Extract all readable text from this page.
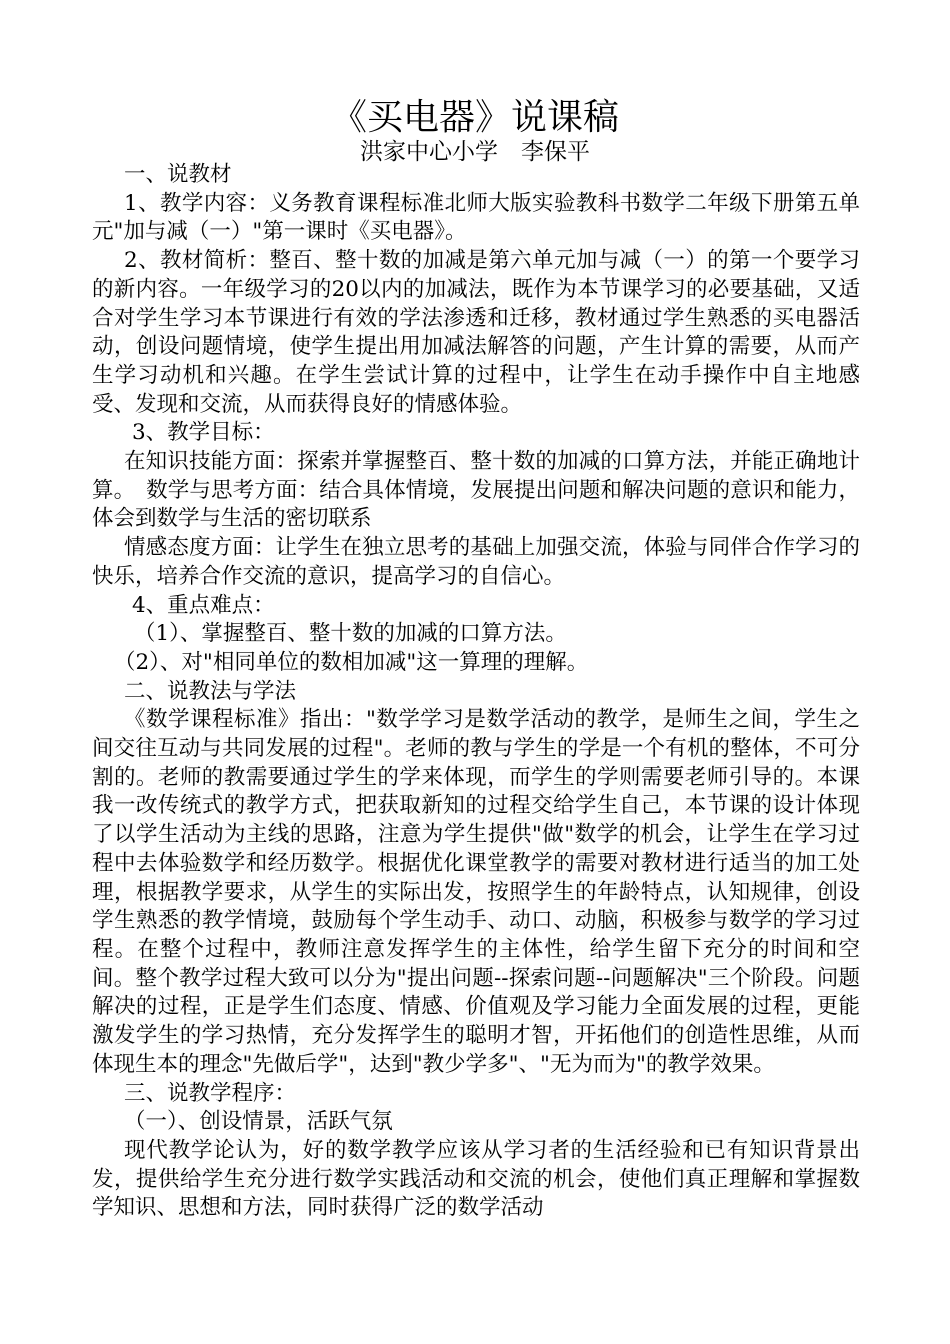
《买电器》说课稿
洪家中心小学　李保平

一、说教材

1、教学内容：义务教育课程标准北师大版实验教科书数学二年级下册第五单元"加与减（一）"第一课时《买电器》。

2、教材简析：整百、整十数的加减是第六单元加与减（一）的第一个要学习的新内容。一年级学习的20以内的加减法，既作为本节课学习的必要基础，又适合对学生学习本节课进行有效的学法渗透和迁移，教材通过学生熟悉的买电器活动，创设问题情境，使学生提出用加减法解答的问题，产生计算的需要，从而产生学习动机和兴趣。在学生尝试计算的过程中，让学生在动手操作中自主地感受、发现和交流，从而获得良好的情感体验。

3、教学目标：

在知识技能方面：探索并掌握整百、整十数的加减的口算方法，并能正确地计算。　数学与思考方面：结合具体情境，发展提出问题和解决问题的意识和能力，体会到数学与生活的密切联系

情感态度方面：让学生在独立思考的基础上加强交流，体验与同伴合作学习的快乐，培养合作交流的意识，提高学习的自信心。

4、重点难点：

（1）、掌握整百、整十数的加减的口算方法。

（2）、对"相同单位的数相加减"这一算理的理解。

二、说教法与学法

《数学课程标准》指出："数学学习是数学活动的教学，是师生之间，学生之间交往互动与共同发展的过程"。老师的教与学生的学是一个有机的整体，不可分割的。老师的教需要通过学生的学来体现，而学生的学则需要老师引导的。本课我一改传统式的教学方式，把获取新知的过程交给学生自己，本节课的设计体现了以学生活动为主线的思路，注意为学生提供"做"数学的机会，让学生在学习过程中去体验数学和经历数学。根据优化课堂教学的需要对教材进行适当的加工处理，根据教学要求，从学生的实际出发，按照学生的年龄特点，认知规律，创设学生熟悉的教学情境，鼓励每个学生动手、动口、动脑，积极参与数学的学习过程。在整个过程中，教师注意发挥学生的主体性，给学生留下充分的时间和空间。整个教学过程大致可以分为"提出问题--探索问题--问题解决"三个阶段。问题解决的过程，正是学生们态度、情感、价值观及学习能力全面发展的过程，更能激发学生的学习热情，充分发挥学生的聪明才智，开拓他们的创造性思维，从而体现生本的理念"先做后学"，达到"教少学多"、"无为而为"的教学效果。

三、说教学程序：

（一）、创设情景，活跃气氛

现代教学论认为，好的数学教学应该从学习者的生活经验和已有知识背景出发，提供给学生充分进行数学实践活动和交流的机会，使他们真正理解和掌握数学知识、思想和方法，同时获得广泛的数学活动
